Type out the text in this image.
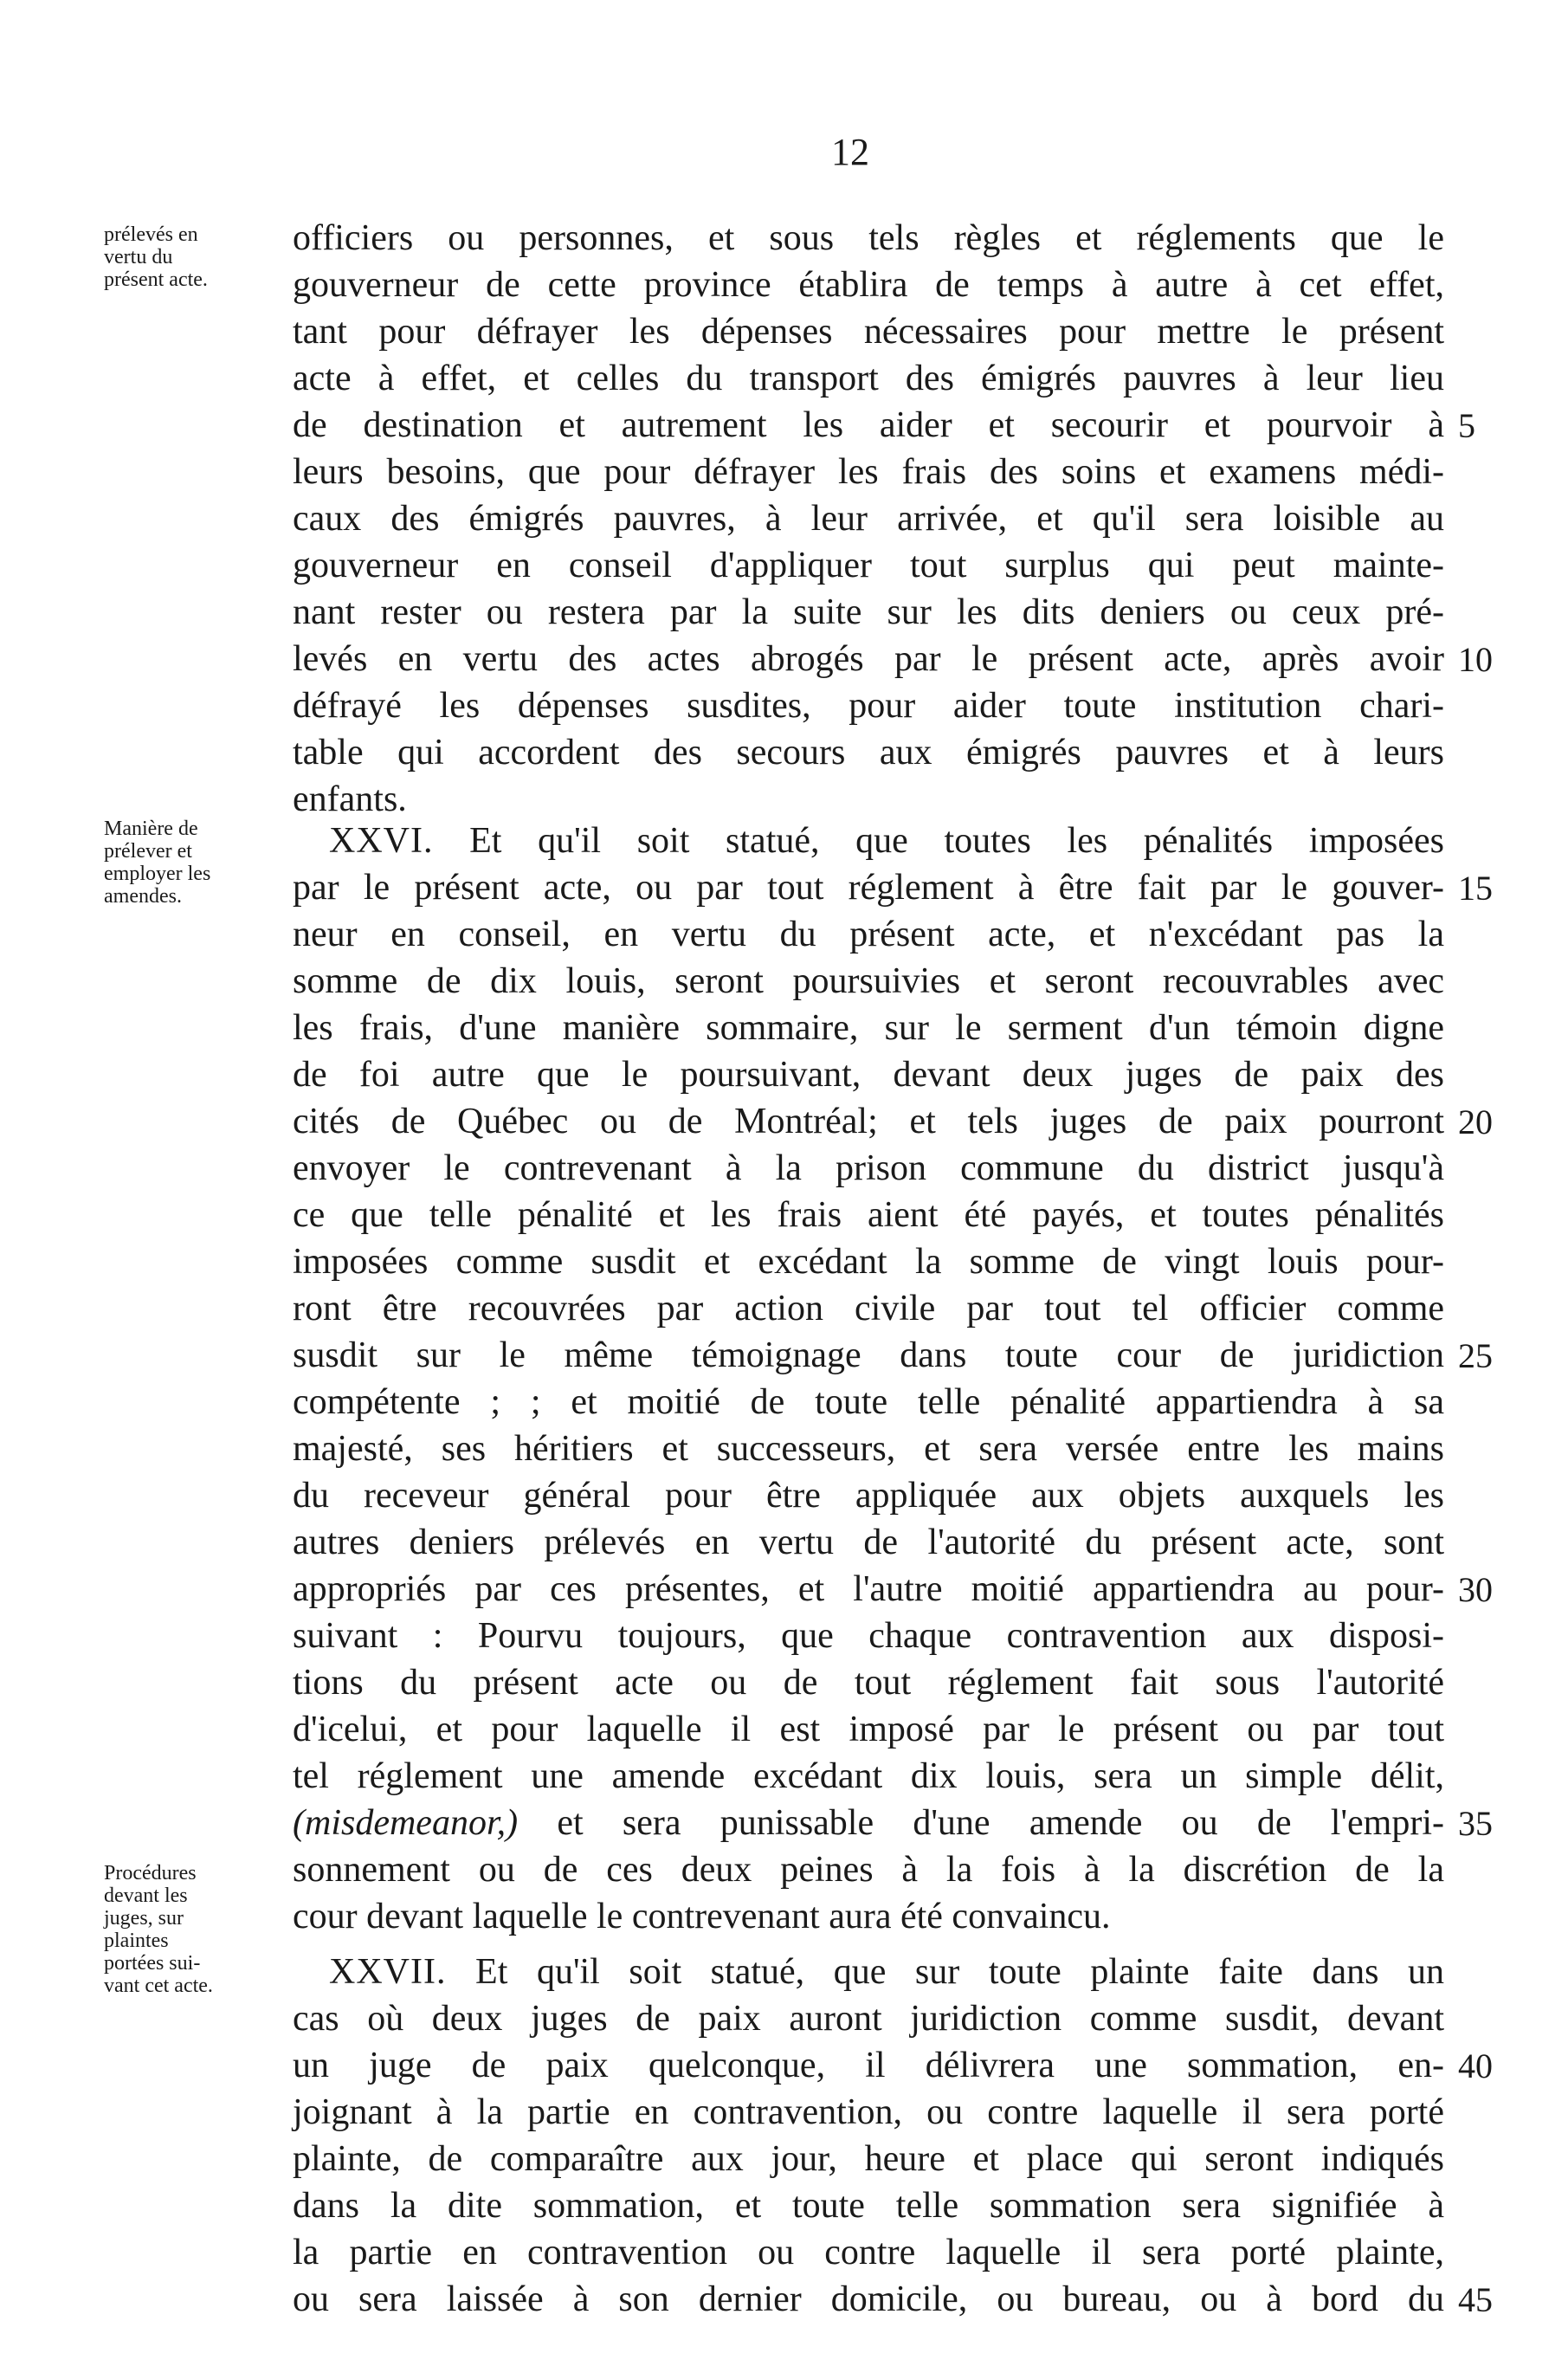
12
prélevés en
vertu du
présent acte.
Manière de
prélever et
employer les
amendes.
Procédures
devant les
juges, sur
plaintes
portées sui-
vant cet acte.
officiers ou personnes, et sous tels règles et réglements que le
gouverneur de cette province établira de temps à autre à cet effet,
tant pour défrayer les dépenses nécessaires pour mettre le présent
acte à effet, et celles du transport des émigrés pauvres à leur lieu
de destination et autrement les aider et secourir et pourvoir à
leurs besoins, que pour défrayer les frais des soins et examens médi-
caux des émigrés pauvres, à leur arrivée, et qu'il sera loisible au
gouverneur en conseil d'appliquer tout surplus qui peut mainte-
nant rester ou restera par la suite sur les dits deniers ou ceux pré-
levés en vertu des actes abrogés par le présent acte, après avoir
défrayé les dépenses susdites, pour aider toute institution chari-
table qui accordent des secours aux émigrés pauvres et à leurs
enfants.
XXVI. Et qu'il soit statué, que toutes les pénalités imposées
par le présent acte, ou par tout réglement à être fait par le gouver-
neur en conseil, en vertu du présent acte, et n'excédant pas la
somme de dix louis, seront poursuivies et seront recouvrables avec
les frais, d'une manière sommaire, sur le serment d'un témoin digne
de foi autre que le poursuivant, devant deux juges de paix des
cités de Québec ou de Montréal; et tels juges de paix pourront
envoyer le contrevenant à la prison commune du district jusqu'à
ce que telle pénalité et les frais aient été payés, et toutes pénalités
imposées comme susdit et excédant la somme de vingt louis pour-
ront être recouvrées par action civile par tout tel officier comme
susdit sur le même témoignage dans toute cour de juridiction
compétente ; ; et moitié de toute telle pénalité appartiendra à sa
majesté, ses héritiers et successeurs, et sera versée entre les mains
du receveur général pour être appliquée aux objets auxquels les
autres deniers prélevés en vertu de l'autorité du présent acte, sont
appropriés par ces présentes, et l'autre moitié appartiendra au pour-
suivant : Pourvu toujours, que chaque contravention aux disposi-
tions du présent acte ou de tout réglement fait sous l'autorité
d'icelui, et pour laquelle il est imposé par le présent ou par tout
tel réglement une amende excédant dix louis, sera un simple délit,
(misdemeanor,) et sera punissable d'une amende ou de l'empri-
sonnement ou de ces deux peines à la fois à la discrétion de la
cour devant laquelle le contrevenant aura été convaincu.
XXVII. Et qu'il soit statué, que sur toute plainte faite dans un
cas où deux juges de paix auront juridiction comme susdit, devant
un juge de paix quelconque, il délivrera une sommation, en-
joignant à la partie en contravention, ou contre laquelle il sera porté
plainte, de comparaître aux jour, heure et place qui seront indiqués
dans la dite sommation, et toute telle sommation sera signifiée à
la partie en contravention ou contre laquelle il sera porté plainte,
ou sera laissée à son dernier domicile, ou bureau, ou à bord du
5
10
15
20
25
30
35
40
45
